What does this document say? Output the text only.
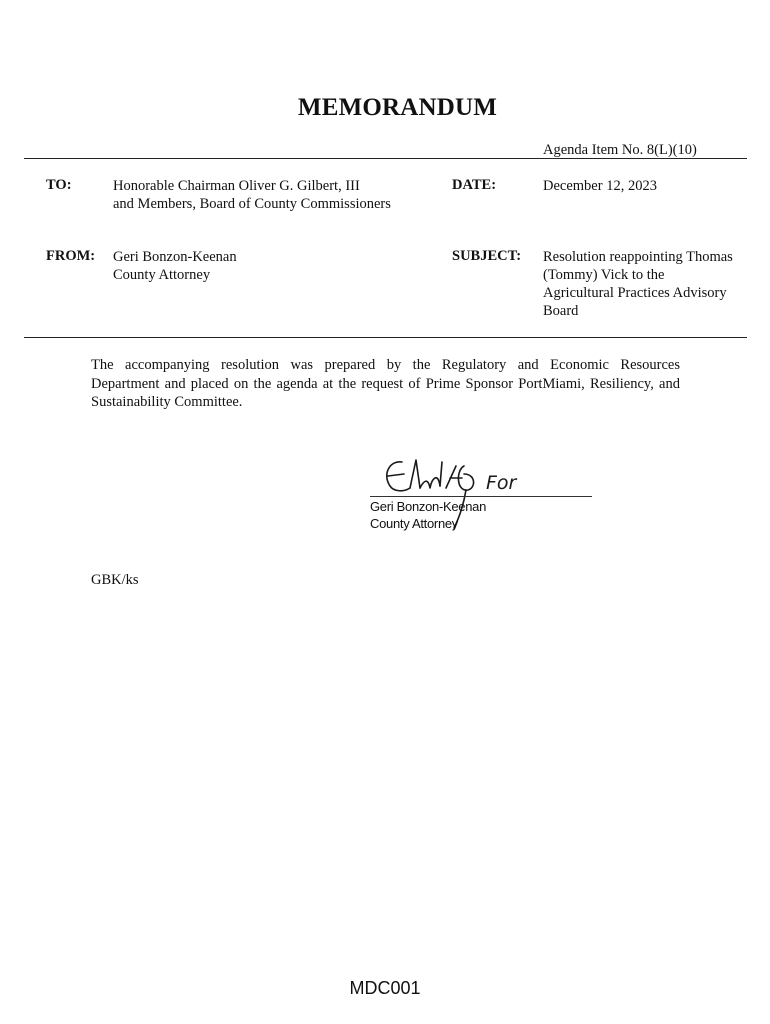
MEMORANDUM
Agenda Item No. 8(L)(10)
TO:	Honorable Chairman Oliver G. Gilbert, III
and Members, Board of County Commissioners
DATE:	December 12, 2023
FROM: Geri Bonzon-Keenan
County Attorney
SUBJECT: Resolution reappointing Thomas
(Tommy) Vick to the
Agricultural Practices Advisory
Board
The accompanying resolution was prepared by the Regulatory and Economic Resources
Department and placed on the agenda at the request of Prime Sponsor PortMiami, Resiliency, and
Sustainability Committee.
For
Geri Bonzon-Keenan
County Attorney
GBK/ks
MDC001
